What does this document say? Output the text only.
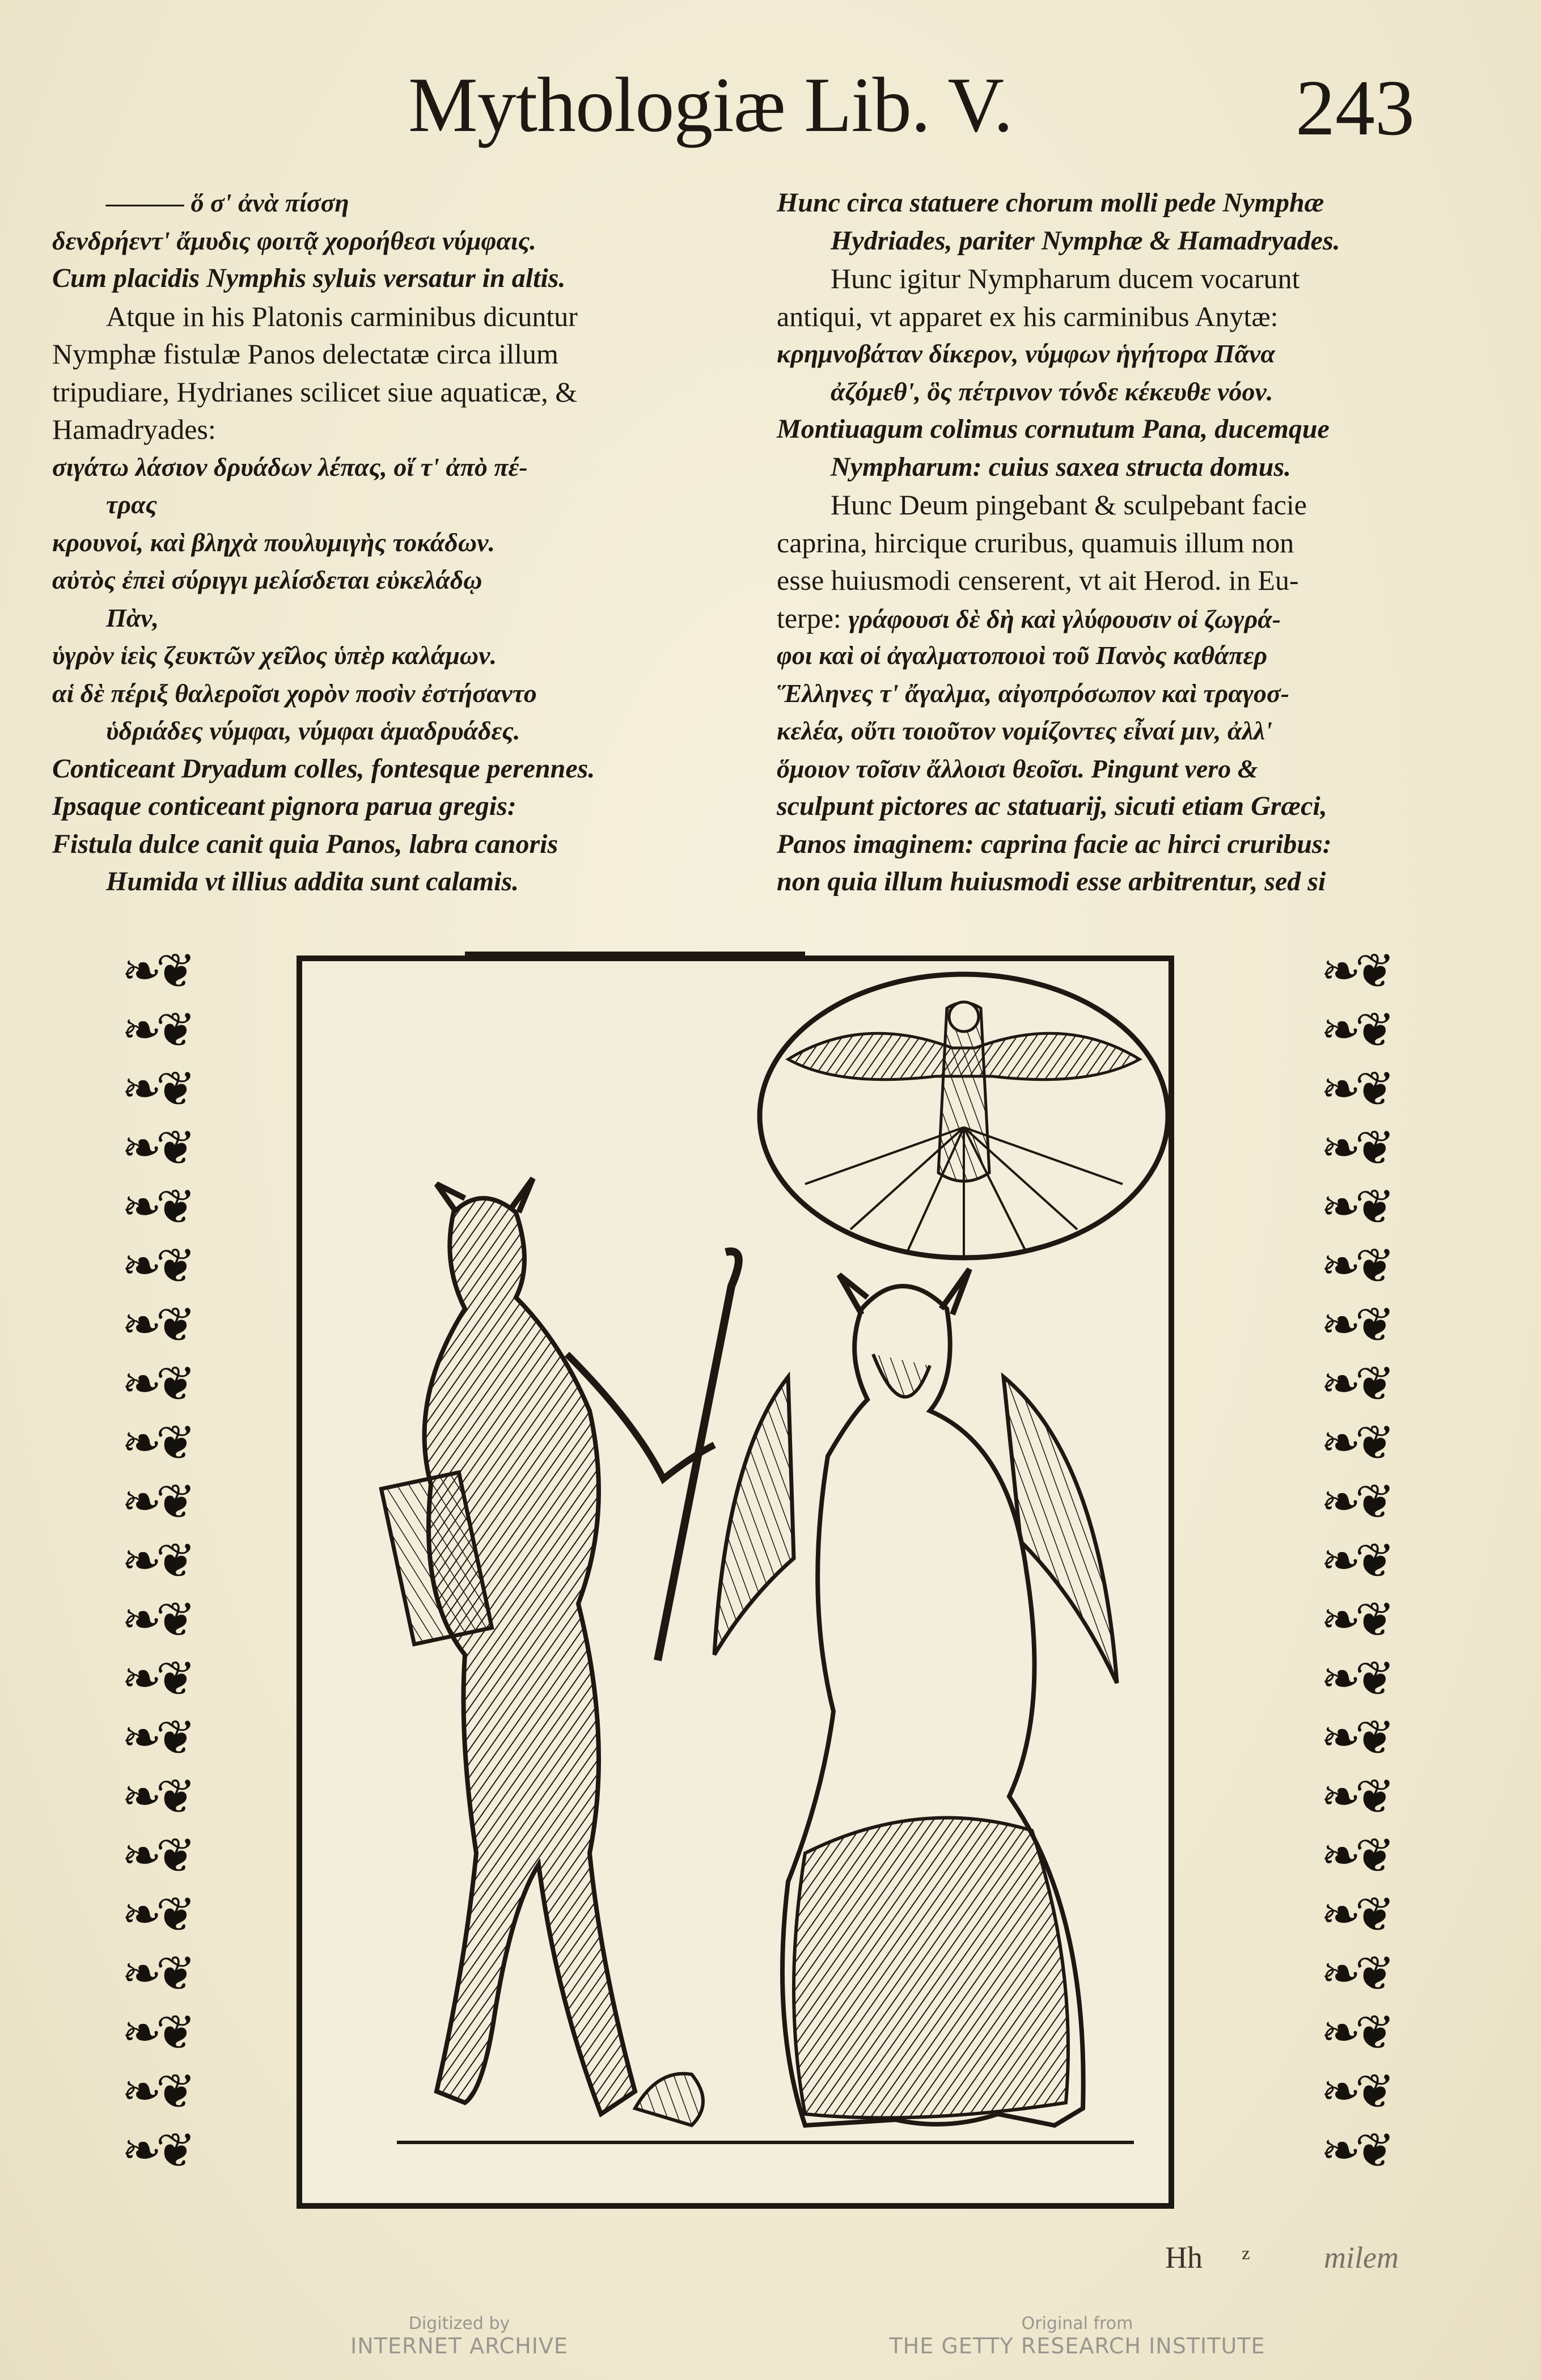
Mythologiæ Lib. V.	243
——— ὅ σ' ἀνὰ πίσση
δενδρήεντ' ἄμυδις φοιτᾷ χοροήθεσι νύμφαις.
Cum placidis Nymphis syluis versatur in altis.
Atque in his Platonis carminibus dicuntur
Nymphæ fistulæ Panos delectatæ circa illum
tripudiare, Hydrianes scilicet siue aquaticæ, &
Hamadryades:
σιγάτω λάσιον δρυάδων λέπας, οἵ τ' ἀπὸ πέ-
τρας
κρουνοί, καὶ βληχὰ πουλυμιγὴς τοκάδων.
αὐτὸς ἐπεὶ σύριγγι μελίσδεται εὐκελάδῳ
Πὰν,
ὑγρὸν ἱεὶς ζευκτῶν χεῖλος ὑπὲρ καλάμων.
αἱ δὲ πέριξ θαλεροῖσι χορὸν ποσὶν ἐστήσαντο
ὑδριάδες νύμφαι, νύμφαι ἁμαδρυάδες.
Conticeant Dryadum colles, fontesque perennes.
Ipsaque conticeant pignora parua gregis:
Fistula dulce canit quia Panos, labra canoris
Humida vt illius addita sunt calamis.
Hunc circa statuere chorum molli pede Nymphæ
Hydriades, pariter Nymphæ & Hamadryades.
Hunc igitur Nympharum ducem vocarunt
antiqui, vt apparet ex his carminibus Anytæ:
κρημνοβάταν δίκερον, νύμφων ἡγήτορα Πᾶνα
ἀζόμεθ', ὃς πέτρινον τόνδε κέκευθε νόον.
Montiuagum colimus cornutum Pana, ducemque
Nympharum: cuius saxea structa domus.
Hunc Deum pingebant & sculpebant facie
caprina, hircique cruribus, quamuis illum non
esse huiusmodi censerent, vt ait Herod. in Eu-
terpe: γράφουσι δὲ δὴ καὶ γλύφουσιν οἱ ζωγρά-
φοι καὶ οἱ ἀγαλματοποιοὶ τοῦ Πανὸς καθάπερ
Ἕλληνες τ' ἄγαλμα, αἰγοπρόσωπον καὶ τραγοσ-
κελέα, οὔτι τοιοῦτον νομίζοντες εἶναί μιν, ἀλλ'
ὅμοιον τοῖσιν ἄλλοισι θεοῖσι. Pingunt vero &
sculpunt pictores ac statuarij, sicuti etiam Græci,
Panos imaginem: caprina facie ac hirci cruribus:
non quia illum huiusmodi esse arbitrentur, sed si
❧❦
❧❦
❧❦
❧❦
❧❦
❧❦
❧❦
❧❦
❧❦
❧❦
❧❦
❧❦
❧❦
❧❦
❧❦
❧❦
❧❦
❧❦
❧❦
❧❦
❧❦
❧❦
❧❦
❧❦
❧❦
❧❦
❧❦
❧❦
❧❦
❧❦
❧❦
❧❦
❧❦
❧❦
❧❦
❧❦
❧❦
❧❦
❧❦
❧❦
❧❦
❧❦
Hh ᶻ milem
Digitized by
INTERNET ARCHIVE
Original from
THE GETTY RESEARCH INSTITUTE
